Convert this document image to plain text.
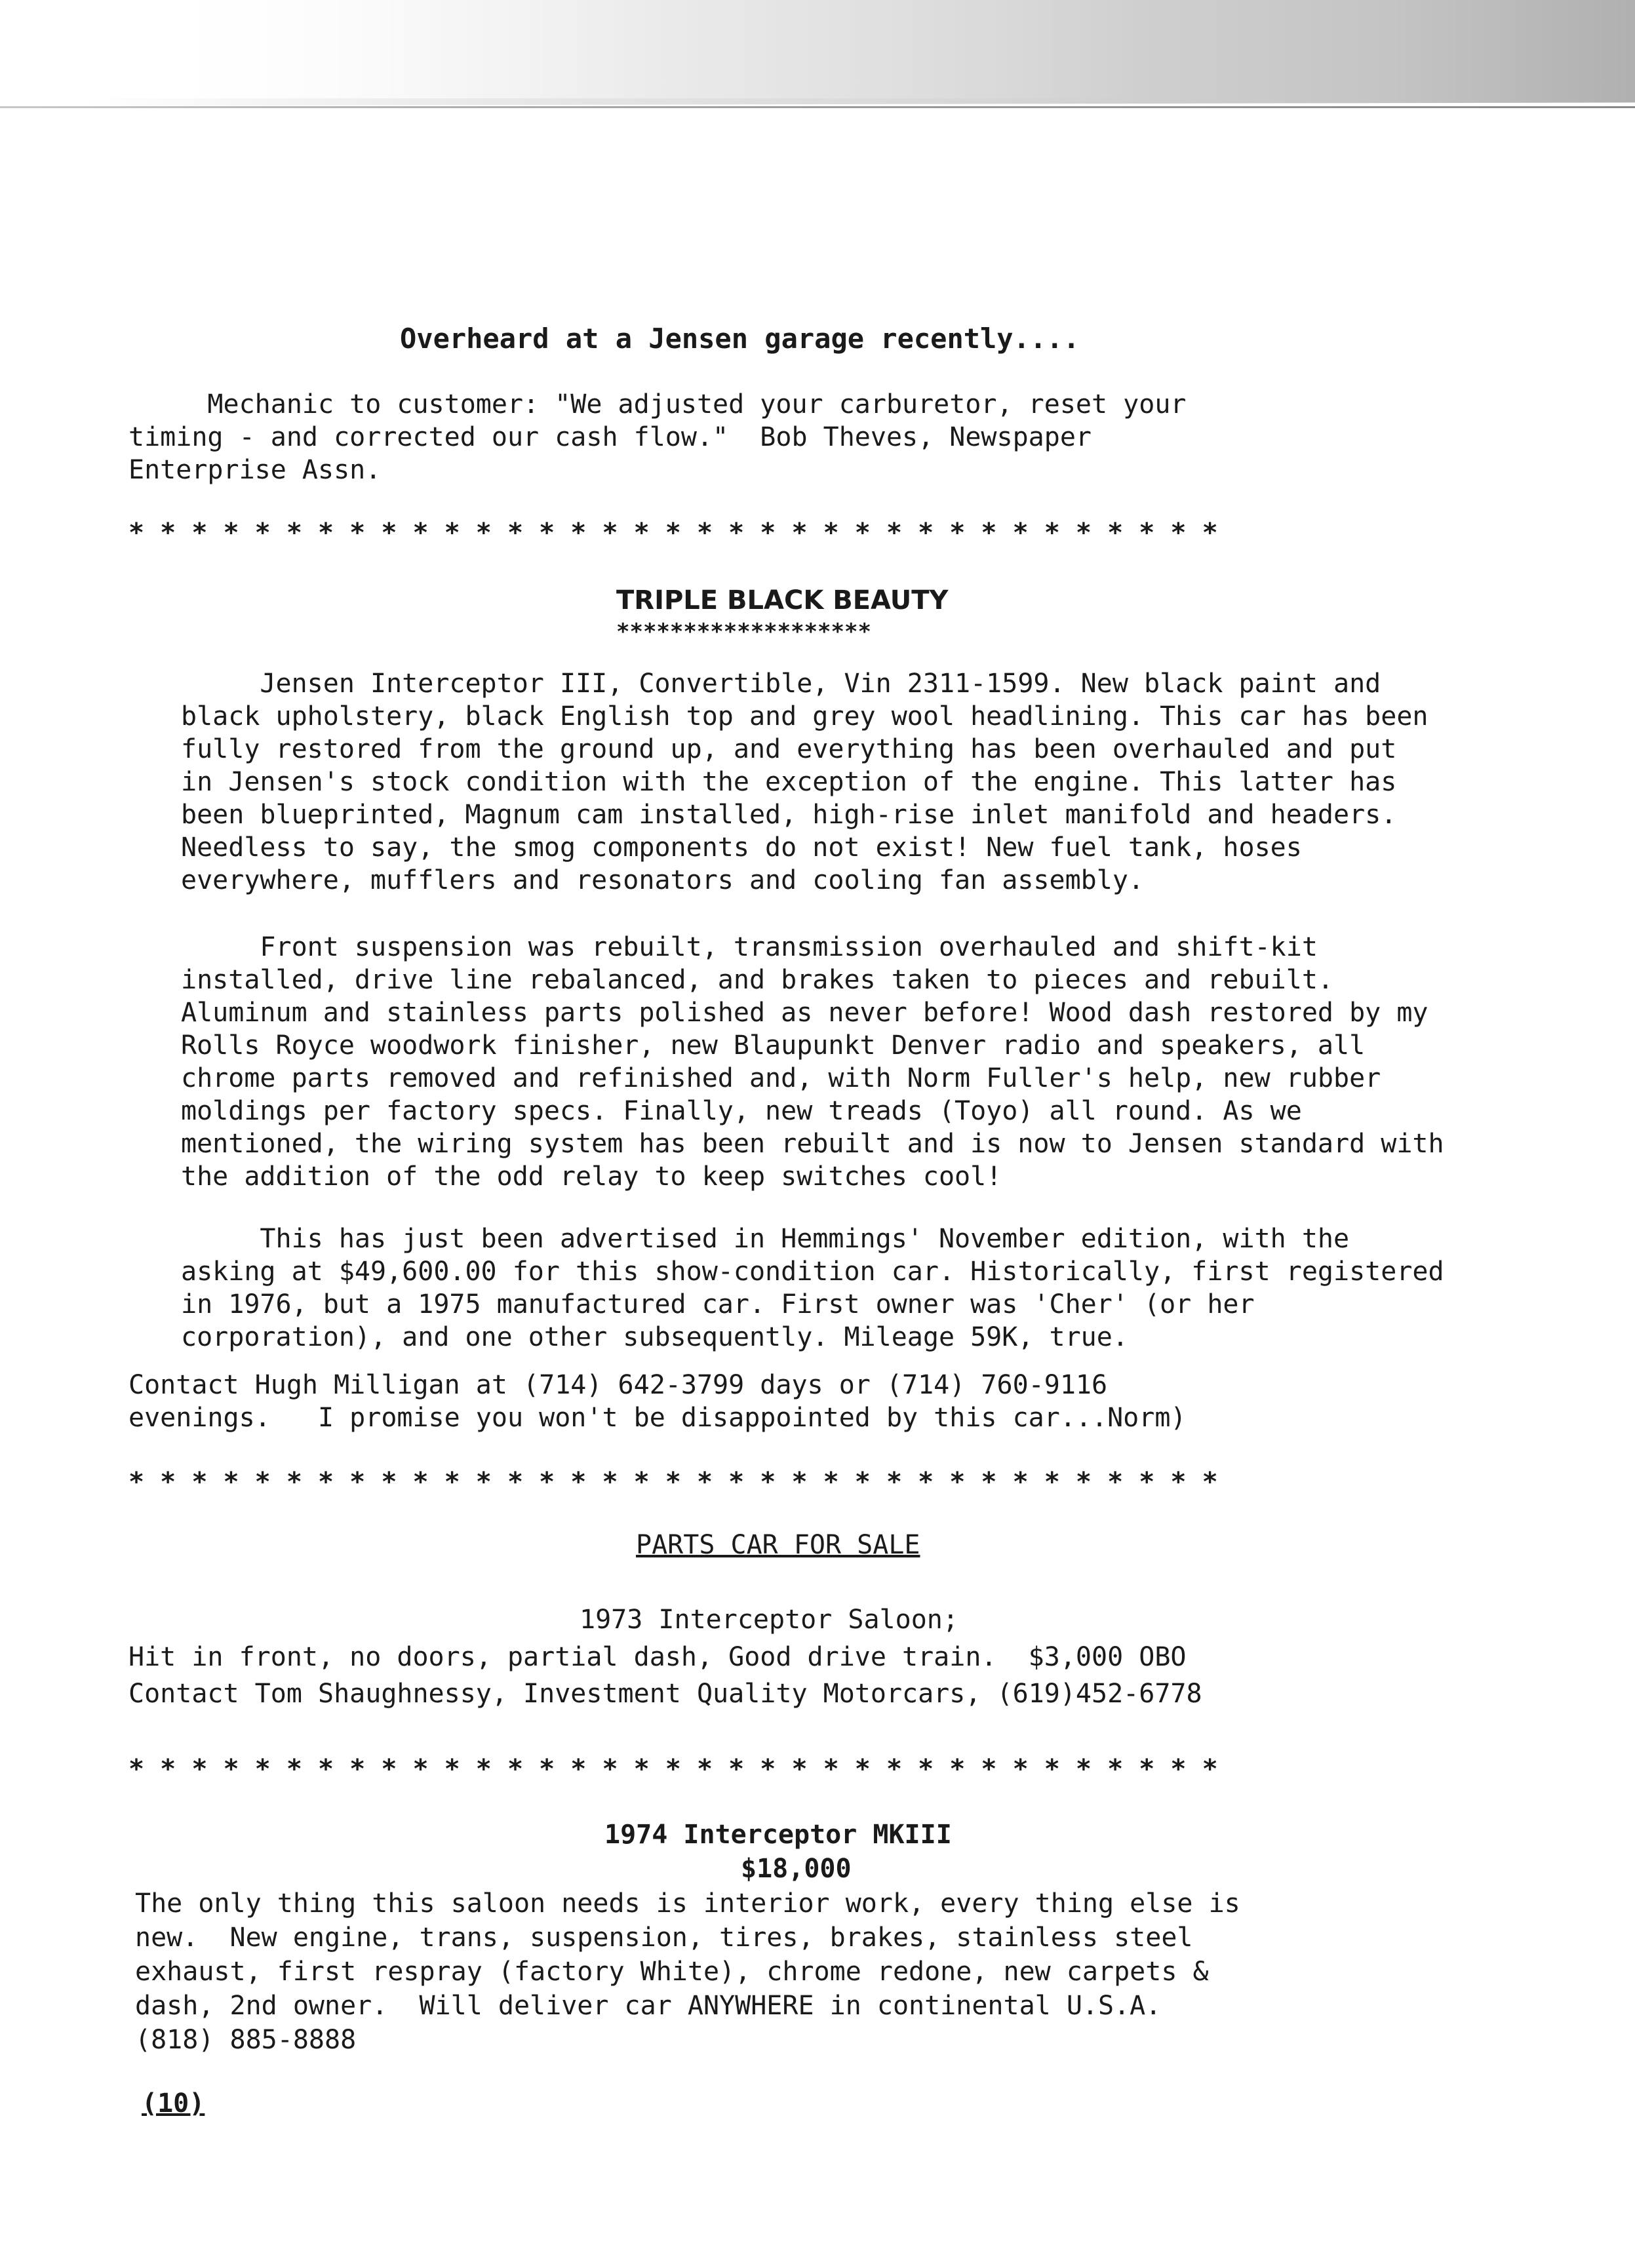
Overheard at a Jensen garage recently....
Mechanic to customer: "We adjusted your carburetor, reset your
timing - and corrected our cash flow."  Bob Theves, Newspaper
Enterprise Assn.
* * * * * * * * * * * * * * * * * * * * * * * * * * * * * * * * * * *
TRIPLE BLACK BEAUTY
*******************
Jensen Interceptor III, Convertible, Vin 2311-1599. New black paint and
black upholstery, black English top and grey wool headlining. This car has been
fully restored from the ground up, and everything has been overhauled and put
in Jensen's stock condition with the exception of the engine. This latter has
been blueprinted, Magnum cam installed, high-rise inlet manifold and headers.
Needless to say, the smog components do not exist! New fuel tank, hoses
everywhere, mufflers and resonators and cooling fan assembly.
Front suspension was rebuilt, transmission overhauled and shift-kit
installed, drive line rebalanced, and brakes taken to pieces and rebuilt.
Aluminum and stainless parts polished as never before! Wood dash restored by my
Rolls Royce woodwork finisher, new Blaupunkt Denver radio and speakers, all
chrome parts removed and refinished and, with Norm Fuller's help, new rubber
moldings per factory specs. Finally, new treads (Toyo) all round. As we
mentioned, the wiring system has been rebuilt and is now to Jensen standard with
the addition of the odd relay to keep switches cool!
This has just been advertised in Hemmings' November edition, with the
asking at $49,600.00 for this show-condition car. Historically, first registered
in 1976, but a 1975 manufactured car. First owner was 'Cher' (or her
corporation), and one other subsequently. Mileage 59K, true.
Contact Hugh Milligan at (714) 642-3799 days or (714) 760-9116
evenings.   I promise you won't be disappointed by this car...Norm)
* * * * * * * * * * * * * * * * * * * * * * * * * * * * * * * * * * *
PARTS CAR FOR SALE
1973 Interceptor Saloon;
Hit in front, no doors, partial dash, Good drive train.  $3,000 OBO
Contact Tom Shaughnessy, Investment Quality Motorcars, (619)452-6778
* * * * * * * * * * * * * * * * * * * * * * * * * * * * * * * * * * *
1974 Interceptor MKIII
$18,000
The only thing this saloon needs is interior work, every thing else is
new.  New engine, trans, suspension, tires, brakes, stainless steel
exhaust, first respray (factory White), chrome redone, new carpets &
dash, 2nd owner.  Will deliver car ANYWHERE in continental U.S.A.
(818) 885-8888
(10)
